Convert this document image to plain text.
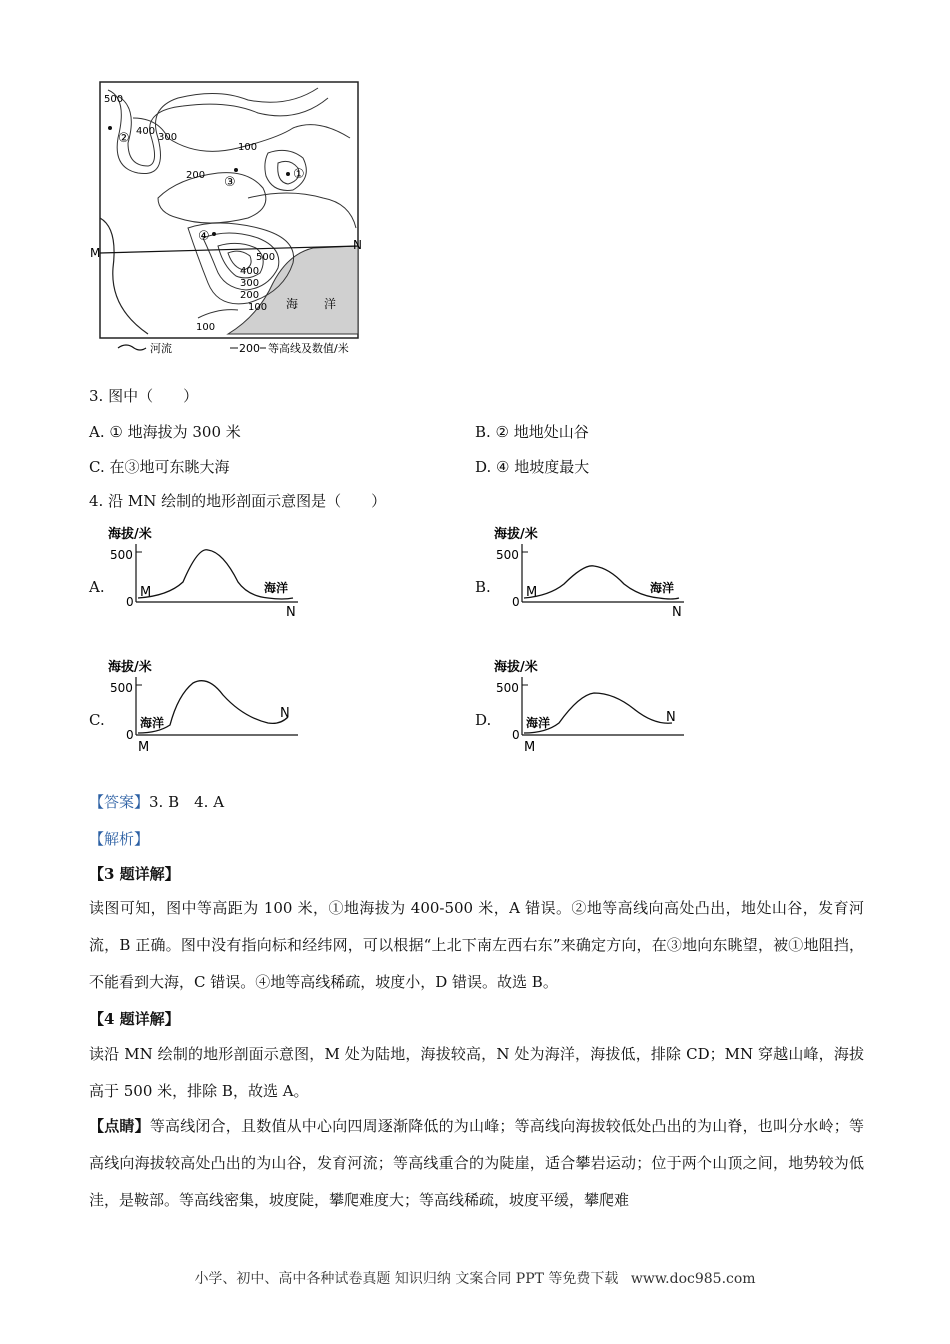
500
400
300
100
200
500
400
300
200
100
100
①
②
③
④
M
N
海 洋
河流	200 等高线及数值/米
3. 图中（　　）
A. ① 地海拔为 300 米	B. ② 地地处山谷
C. 在③地可东眺大海	D. ④ 地坡度最大
4. 沿 MN 绘制的地形剖面示意图是（　　）
A.
海拔/米
500
0
M	海洋
N
B.
海拔/米
500
0
M	海洋
N
C.
海拔/米
500
0
海洋
M
N	D.
海拔/米
500
0
海洋
M
N
【答案】3. B　4. A
【解析】
【3 题详解】
读图可知，图中等高距为 100 米，①地海拔为 400-500 米，A 错误。②地等高线向高处凸出，地处山谷，发育河流，B 正确。图中没有指向标和经纬网，可以根据“上北下南左西右东”来确定方向，在③地向东眺望，被①地阻挡，不能看到大海，C 错误。④地等高线稀疏，坡度小，D 错误。故选 B。
【4 题详解】
读沿 MN 绘制的地形剖面示意图，M 处为陆地，海拔较高，N 处为海洋，海拔低，排除 CD；MN 穿越山峰，海拔高于 500 米，排除 B，故选 A。
【点睛】等高线闭合，且数值从中心向四周逐渐降低的为山峰；等高线向海拔较低处凸出的为山脊，也叫分水岭；等高线向海拔较高处凸出的为山谷，发育河流；等高线重合的为陡崖，适合攀岩运动；位于两个山顶之间，地势较为低洼，是鞍部。等高线密集，坡度陡，攀爬难度大；等高线稀疏，坡度平缓，攀爬难
小学、初中、高中各种试卷真题 知识归纳 文案合同 PPT 等免费下载 www.doc985.com
